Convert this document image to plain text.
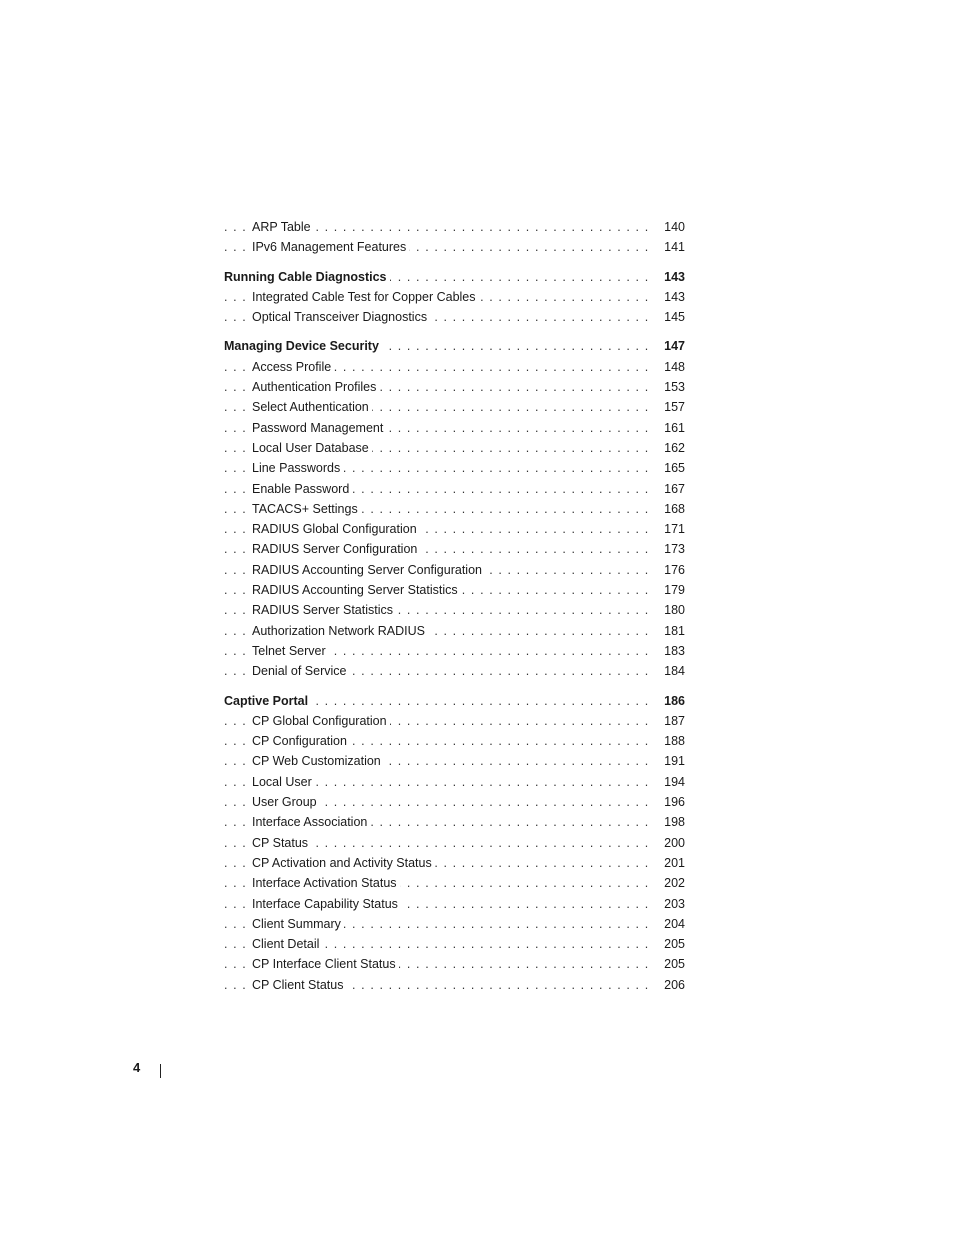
. . .
ARP Table	140
. . .
IPv6 Management Features	141
. . .
Running Cable Diagnostics	143
. . .
Integrated Cable Test for Copper Cables	143
. . .
Optical Transceiver Diagnostics	145
. . .
Managing Device Security	147
. . .
Access Profile	148
. . .
Authentication Profiles	153
. . .
Select Authentication	157
. . .
Password Management	161
. . .
Local User Database	162
. . .
Line Passwords	165
. . .
Enable Password	167
. . .
TACACS+ Settings	168
. . .
RADIUS Global Configuration	171
. . .
RADIUS Server Configuration	173
. . .
RADIUS Accounting Server Configuration	176
. . .
RADIUS Accounting Server Statistics	179
. . .
RADIUS Server Statistics	180
. . .
Authorization Network RADIUS	181
. . .
Telnet Server	183
. . .
Denial of Service	184
. . .
Captive Portal	186
. . .
CP Global Configuration	187
. . .
CP Configuration	188
. . .
CP Web Customization	191
. . .
Local User	194
. . .
User Group	196
. . .
Interface Association	198
. . .
CP Status	200
. . .
CP Activation and Activity Status	201
. . .
Interface Activation Status	202
. . .
Interface Capability Status	203
. . .
Client Summary	204
. . .
Client Detail	205
. . .
CP Interface Client Status	205
. . .
CP Client Status	206
4
